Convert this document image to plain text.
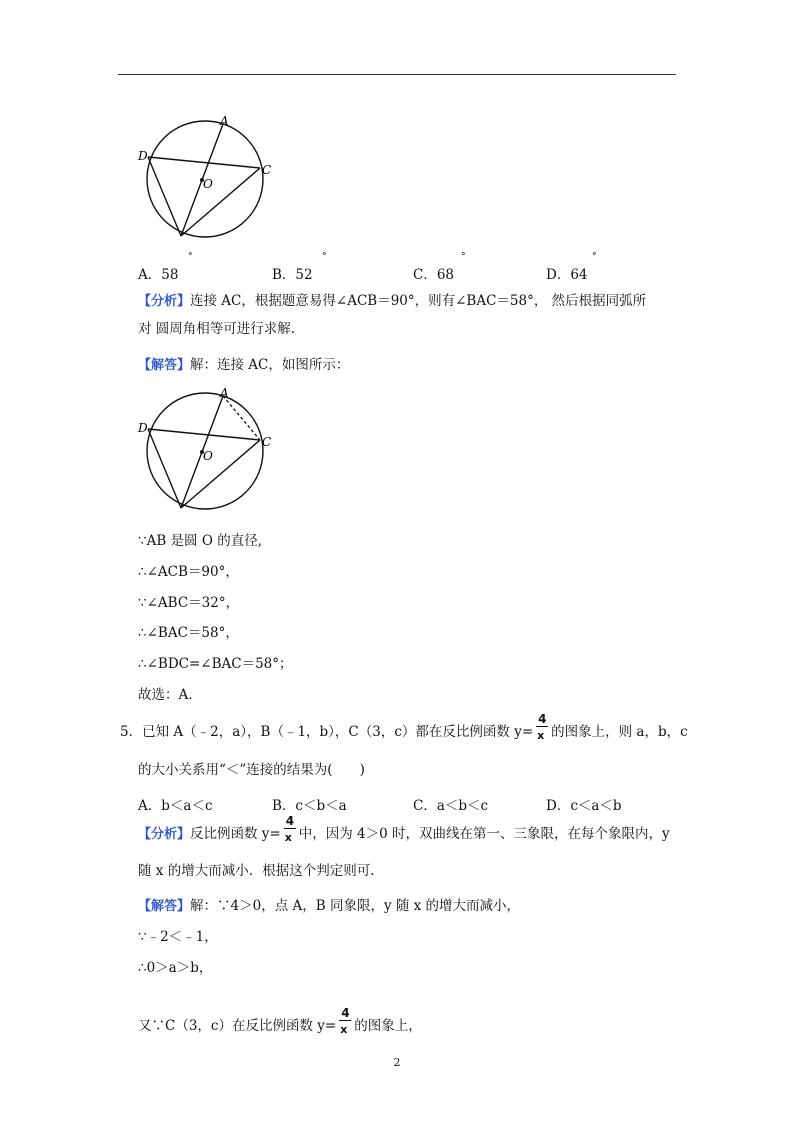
A
D
C
O
A．58
°
B．52
°
C．68
°
D．64
°
【分析】连接 AC，根据题意易得∠ACB＝90°，则有∠BAC＝58°， 然后根据同弧所
对 圆周角相等可进行求解.
【解答】解：连接 AC，如图所示：
A
D
C
O
∵AB 是圆 O 的直径,
∴∠ACB＝90°，
∵∠ABC＝32°，
∴∠BAC＝58°，
∴∠BDC=∠BAC＝58°；
故选：A.
5．已知 A（﹣2，a），B（﹣1，b），C（3，c）都在反比例函数 $y= \frac{4}{x}$ 的图象上，则 a，b，c
的大小关系用“＜”连接的结果为(　　)
A．b＜a＜c	B．c＜b＜a	C．a＜b＜c	D．c＜a＜b
【分析】反比例函数 $y= \frac{4}{x}$ 中，因为 4＞0 时，双曲线在第一、三象限，在每个象限内，y
随 x 的增大而减小．根据这个判定则可.
【解答】解：∵4＞0，点 A，B 同象限，y 随 x 的增大而减小，
∵﹣2＜﹣1，
∴0＞a＞b，
又∵C（3，c）在反比例函数 $y= \frac{4}{x}$ 的图象上，
2
